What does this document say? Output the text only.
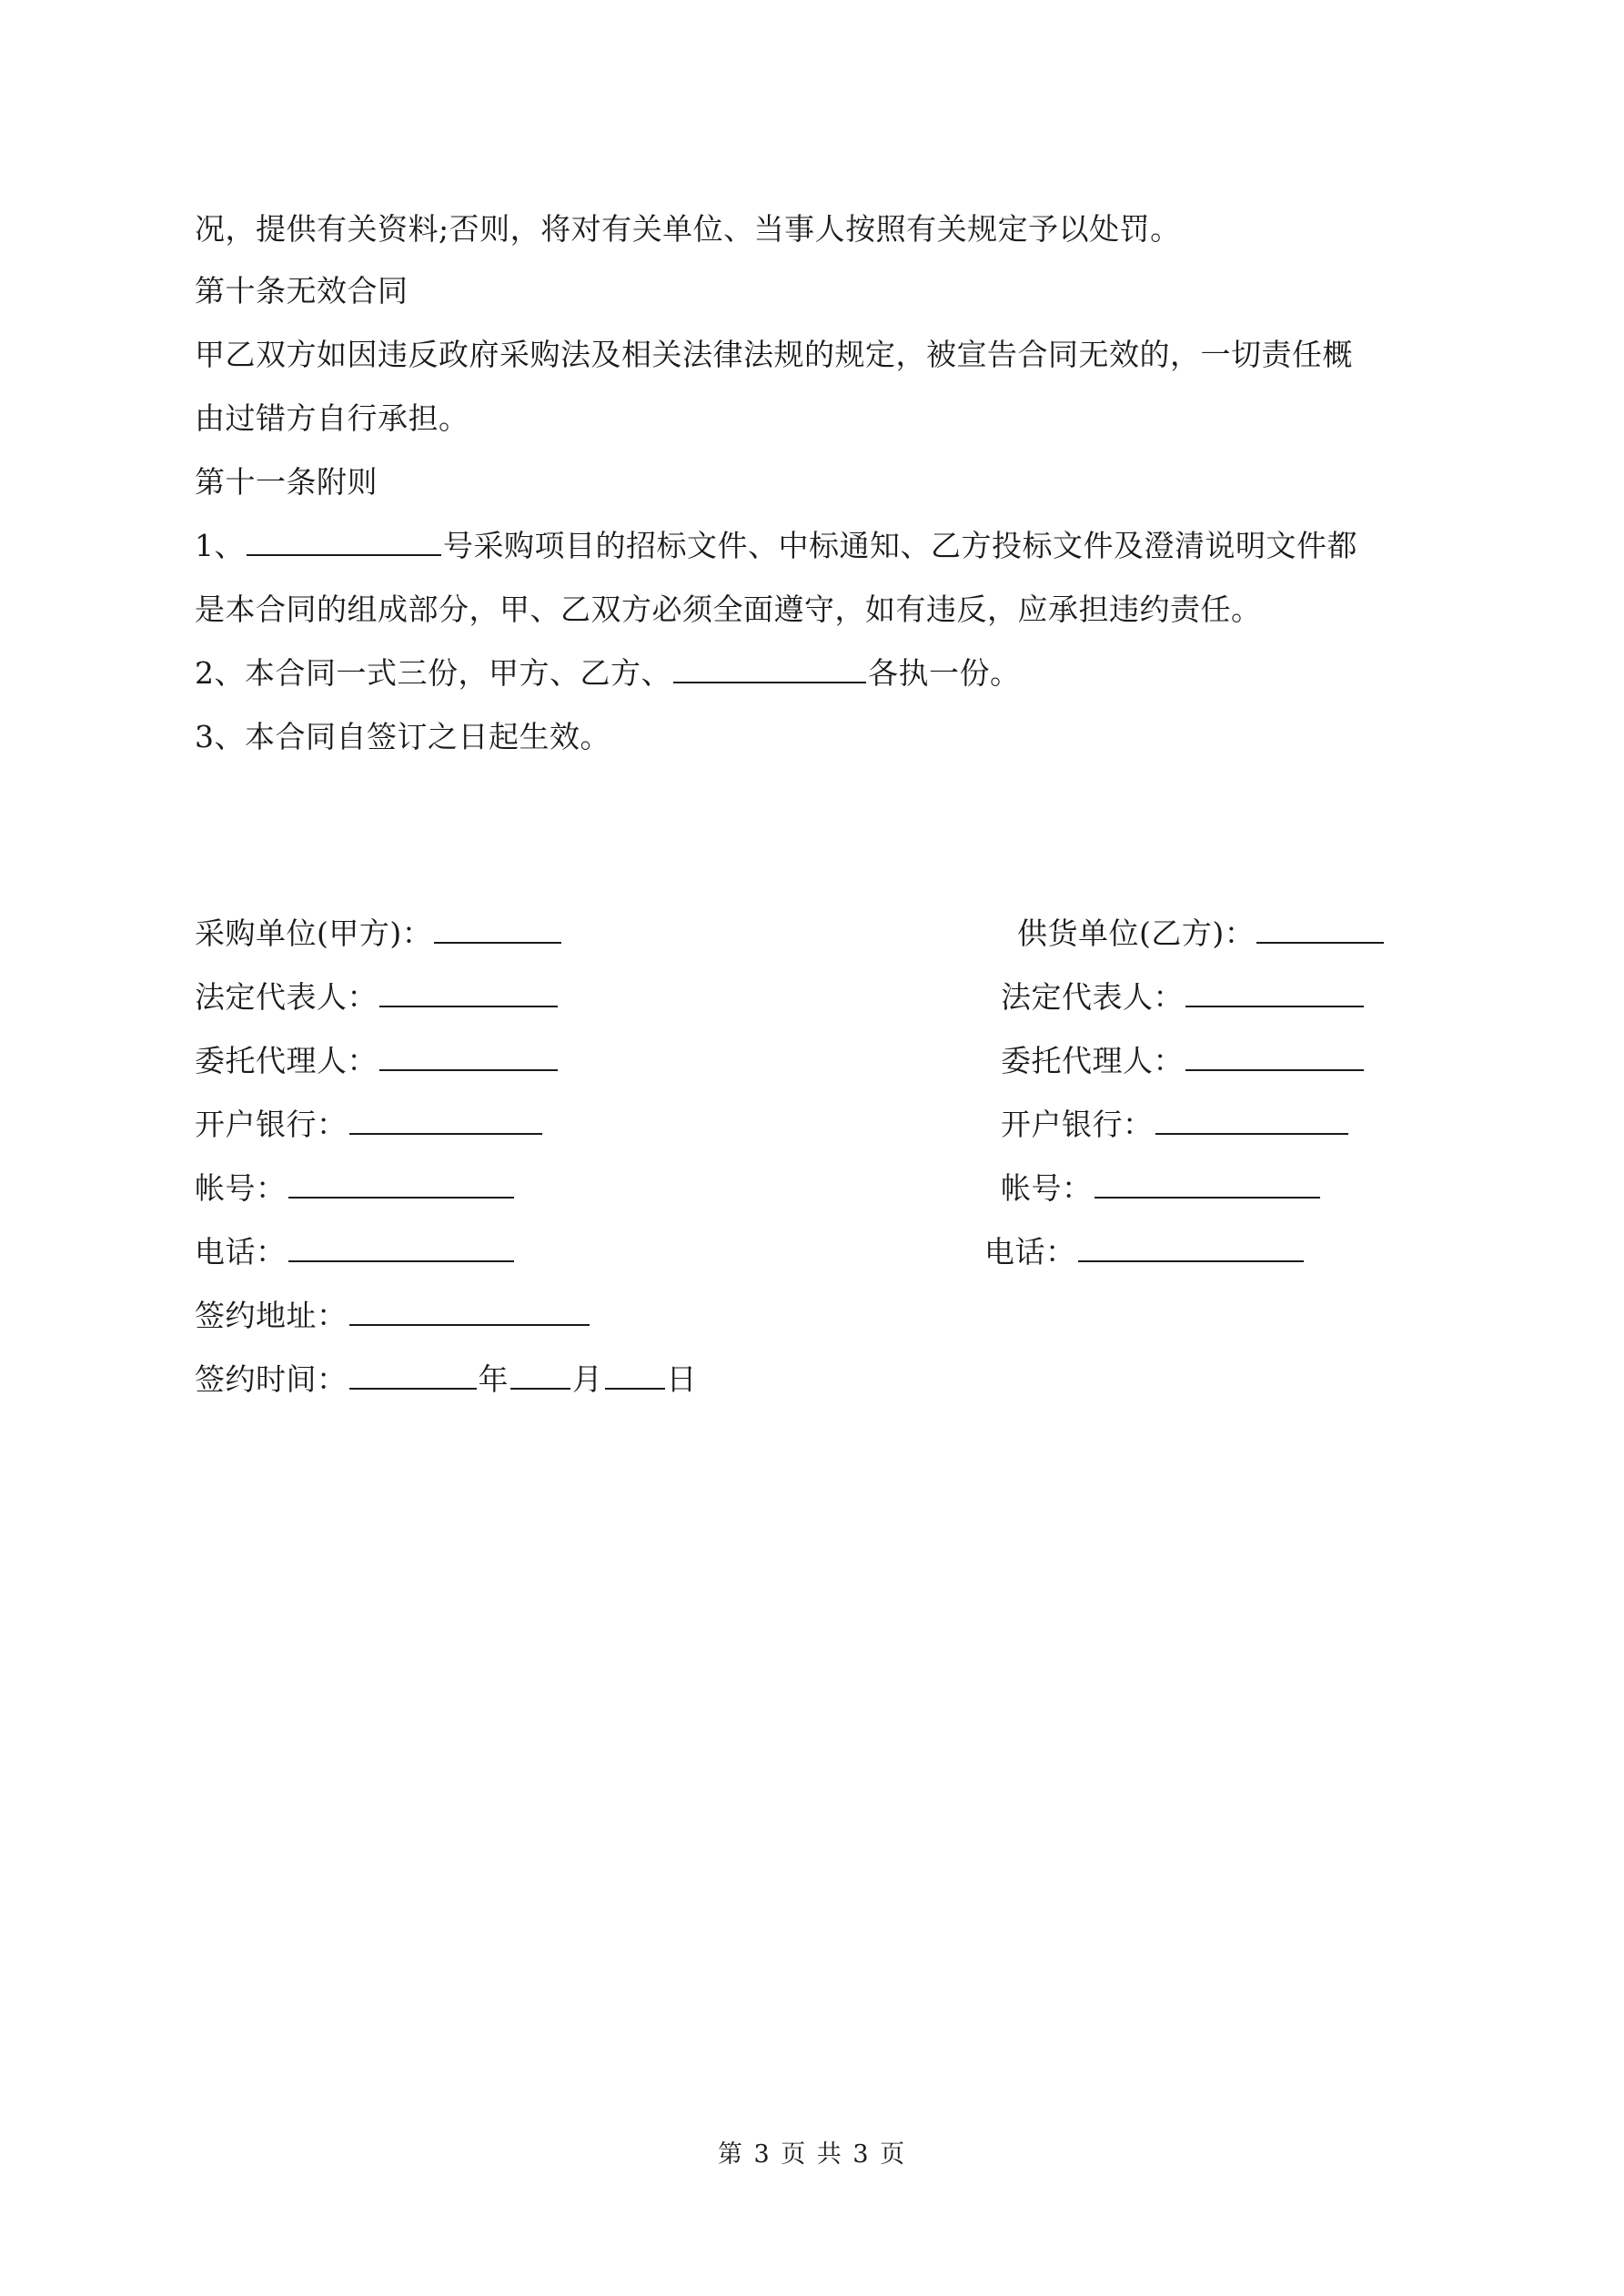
况，提供有关资料;否则，将对有关单位、当事人按照有关规定予以处罚。
第十条无效合同
甲乙双方如因违反政府采购法及相关法律法规的规定，被宣告合同无效的，一切责任概
由过错方自行承担。
第十一条附则
1、	号采购项目的招标文件、中标通知、乙方投标文件及澄清说明文件都
是本合同的组成部分，甲、乙双方必须全面遵守，如有违反，应承担违约责任。
2、本合同一式三份，甲方、乙方、	各执一份。
3、本合同自签订之日起生效。
采购单位(甲方)：
法定代表人：
委托代理人：
开户银行：
帐号：
电话：
签约地址：
签约时间：	年 月 日
供货单位(乙方)：
法定代表人：
委托代理人：
开户银行：
帐号：
电话：
第 3 页 共 3 页
